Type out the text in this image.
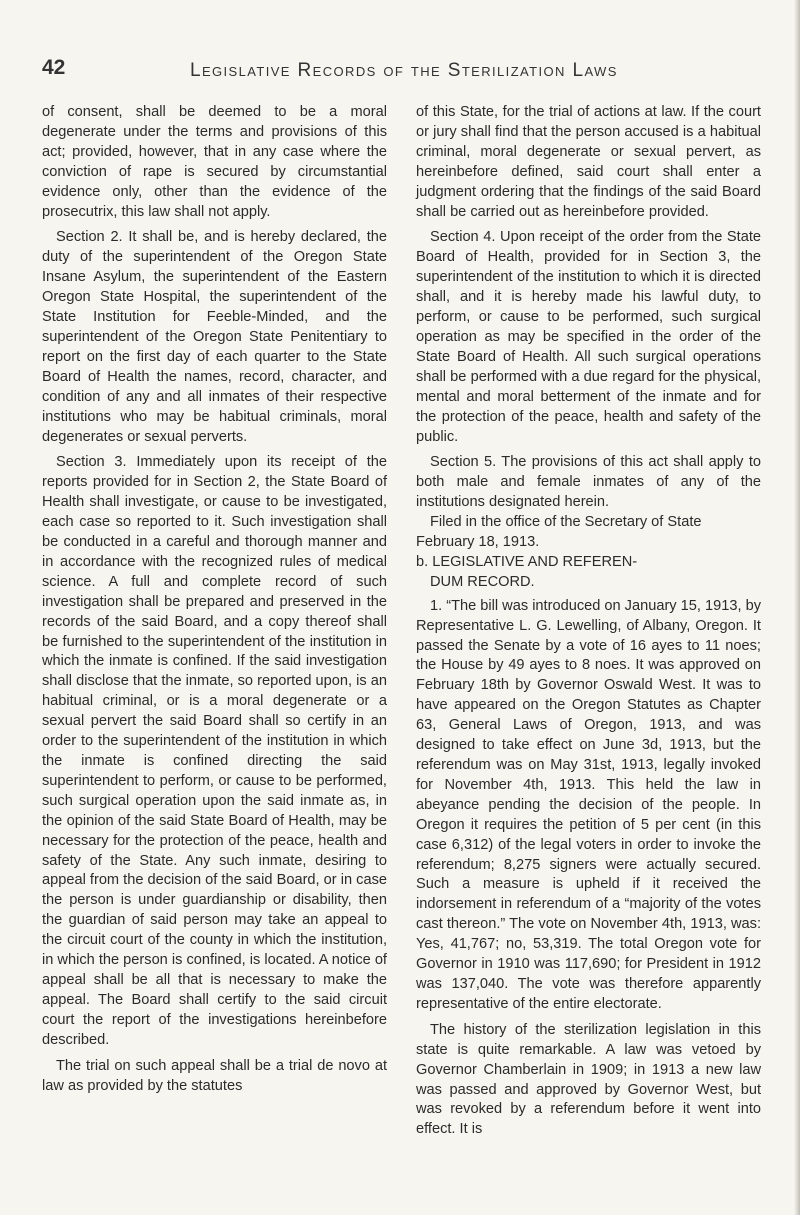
42	Legislative Records of the Sterilization Laws

of consent, shall be deemed to be a moral degenerate under the terms and provisions of this act; provided, however, that in any case where the conviction of rape is secured by circumstantial evidence only, other than the evidence of the prosecutrix, this law shall not apply.

Section 2. It shall be, and is hereby declared, the duty of the superintendent of the Oregon State Insane Asylum, the superintendent of the Eastern Oregon State Hospital, the superintendent of the State Institution for Feeble-Minded, and the superintendent of the Oregon State Penitentiary to report on the first day of each quarter to the State Board of Health the names, record, character, and condition of any and all inmates of their respective institutions who may be habitual criminals, moral degenerates or sexual perverts.

Section 3. Immediately upon its receipt of the reports provided for in Section 2, the State Board of Health shall investigate, or cause to be investigated, each case so reported to it. Such investigation shall be conducted in a careful and thorough manner and in accordance with the recognized rules of medical science. A full and complete record of such investigation shall be prepared and preserved in the records of the said Board, and a copy thereof shall be furnished to the superintendent of the institution in which the inmate is confined. If the said investigation shall disclose that the inmate, so reported upon, is an habitual criminal, or is a moral degenerate or a sexual pervert the said Board shall so certify in an order to the superintendent of the institution in which the inmate is confined directing the said superintendent to perform, or cause to be performed, such surgical operation upon the said inmate as, in the opinion of the said State Board of Health, may be necessary for the protection of the peace, health and safety of the State. Any such inmate, desiring to appeal from the decision of the said Board, or in case the person is under guardianship or disability, then the guardian of said person may take an appeal to the circuit court of the county in which the institution, in which the person is confined, is located. A notice of appeal shall be all that is necessary to make the appeal. The Board shall certify to the said circuit court the report of the investigations hereinbefore described.

The trial on such appeal shall be a trial de novo at law as provided by the statutes

of this State, for the trial of actions at law. If the court or jury shall find that the person accused is a habitual criminal, moral degenerate or sexual pervert, as hereinbefore defined, said court shall enter a judgment ordering that the findings of the said Board shall be carried out as hereinbefore provided.

Section 4. Upon receipt of the order from the State Board of Health, provided for in Section 3, the superintendent of the institution to which it is directed shall, and it is hereby made his lawful duty, to perform, or cause to be performed, such surgical operation as may be specified in the order of the State Board of Health. All such surgical operations shall be performed with a due regard for the physical, mental and moral betterment of the inmate and for the protection of the peace, health and safety of the public.

Section 5. The provisions of this act shall apply to both male and female inmates of any of the institutions designated herein.

Filed in the office of the Secretary of State

February 18, 1913.

b. LEGISLATIVE AND REFEREN-
DUM RECORD.

1. “The bill was introduced on January 15, 1913, by Representative L. G. Lewelling, of Albany, Oregon. It passed the Senate by a vote of 16 ayes to 11 noes; the House by 49 ayes to 8 noes. It was approved on February 18th by Governor Oswald West. It was to have appeared on the Oregon Statutes as Chapter 63, General Laws of Oregon, 1913, and was designed to take effect on June 3d, 1913, but the referendum was on May 31st, 1913, legally invoked for November 4th, 1913. This held the law in abeyance pending the decision of the people. In Oregon it requires the petition of 5 per cent (in this case 6,312) of the legal voters in order to invoke the referendum; 8,275 signers were actually secured. Such a measure is upheld if it received the indorsement in referendum of a “majority of the votes cast thereon.” The vote on November 4th, 1913, was: Yes, 41,767; no, 53,319. The total Oregon vote for Governor in 1910 was 117,690; for President in 1912 was 137,040. The vote was therefore apparently representative of the entire electorate.

The history of the sterilization legislation in this state is quite remarkable. A law was vetoed by Governor Chamberlain in 1909; in 1913 a new law was passed and approved by Governor West, but was revoked by a referendum before it went into effect. It is
